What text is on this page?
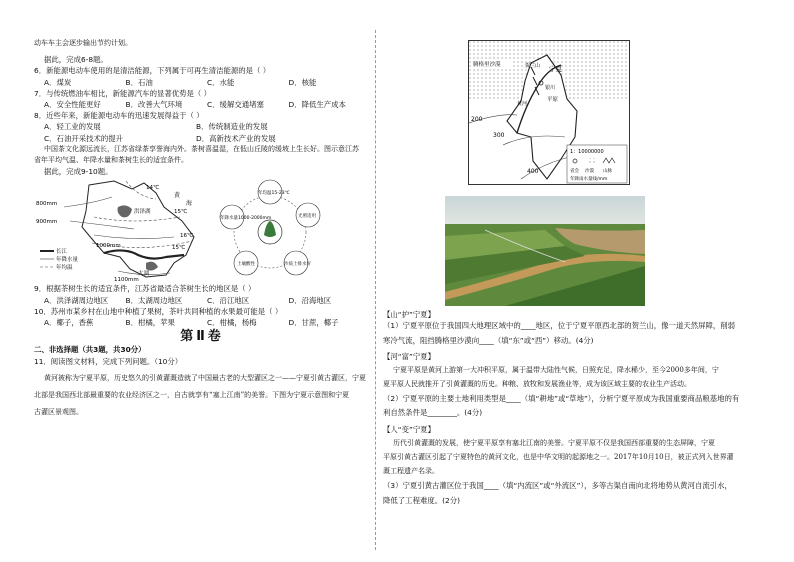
动车车主会逐步输出节约计划。
据此，完成6-8题。
6．新能源电动车使用的是清洁能源，下列属于可再生清洁能源的是（ ）
A．煤炭	B．石油	C．水能	D．核能
7．与传统燃油车相比，新能源汽车的显著优势是（ ）
A．安全性能更好	B．改善大气环境	C．缓解交通堵塞	D．降低生产成本
8．近些年来，新能源电动车的迅速发展得益于（ ）
A．轻工业的发展	B．传统制造业的发展
C．石油开采技术的提升	D．高新技术产业的发展
中国茶文化源远流长，江苏省绿茶享誉海内外。茶树喜温湿，在低山丘陵的缓坡上生长好。图示意江苏
省年平均气温、年降水量和茶树生长的适宜条件。
据此，完成9-10题。
14℃
15℃
16℃
15℃
800mm
900mm
1000mm
1100mm
黄
海
洪泽湖
太湖
长江
年降水量
年均温
年均温15-23℃
光照适用
沙质土排水好
土壤酸性
年降水量1000-2000mm
9．根据茶树生长的适宜条件，江苏省最适合茶树生长的地区是（ ）
A．洪泽湖周边地区	B．太湖周边地区	C．沿江地区	D．沿海地区
10．苏州市某乡村在山地中种植了果树，茶叶共同种植的水果最可能是（ ）
A．椰子，香蕉	B．柑橘，苹果	C．柑橘，杨梅	D．甘蔗，椰子
第Ⅱ卷
二、非选择题（共3题，共30分）
11．阅读图文材料，完成下列问题。（10分）
黄河被称为宁夏平原，历史悠久的引黄灌溉造就了中国最古老的大型灌区之一——宁夏引黄古灌区，宁夏
北部是我国西北部最重要的农业经济区之一，自古就享有“塞上江南”的美誉。下图为宁夏示意图和宁夏
古灌区景观图。
腾格里沙漠	贺兰山 宁夏
银川
平原
黄河
200
300
400
1：10000000
省会 沙漠 山脉
年降雨水量线/mm
【山“护”宁夏】
（1）宁夏平原位于我国四大地理区域中的____地区，位于宁夏平原西北部的贺兰山，像一道天然屏障，削弱
寒冷气流，阻挡腾格里沙漠向____（填“东”或“西”）移动。(4分)
【河“富”宁夏】
宁夏平原是黄河上游第一大冲积平原，属于温带大陆性气候，日照充足，降水稀少，至今2000多年间，宁
夏平原人民就推开了引黄灌溉的历史。种粮、放牧和发展渔业等，成为该区域主要的农业生产活动。
（2）宁夏平原的主要土地利用类型是____（填“耕地”或“草地”），分析宁夏平原成为我国重要商品粮基地的有
利自然条件是________。(4分)
【人“变”宁夏】
历代引黄灌溉的发展，使宁夏平原享有塞北江南的美誉。宁夏平原不仅是我国西部重要的生态屏障，宁夏
平原引黄古灌区引起了宁夏特色的黄河文化，也是中华文明的起源地之一。2017年10月10日，被正式列入世界灌
溉工程遗产名录。
（3）宁夏引黄古灌区位于我国____（填“内流区”或“外流区”），多等古渠自南向北将地势从黄河自流引水，
降低了工程难度。(2分)
